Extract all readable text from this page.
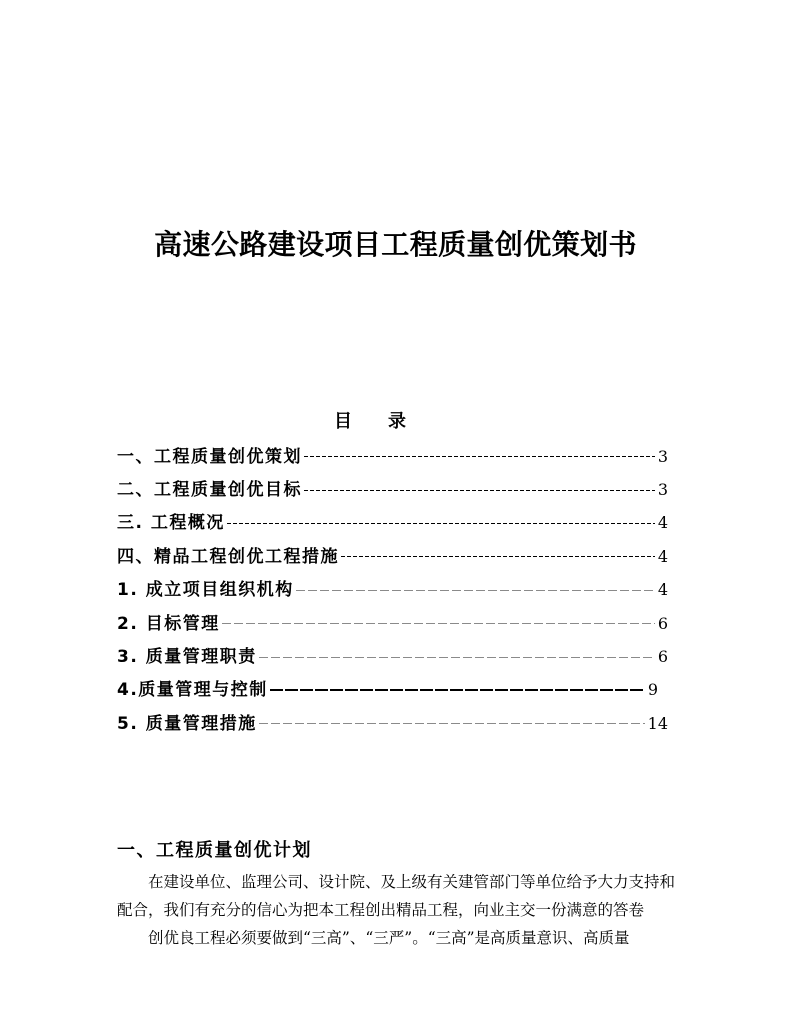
高速公路建设项目工程质量创优策划书
目　　录
一、工程质量创优策划	3
二、工程质量创优目标	3
三. 工程概况	4
四、精品工程创优工程措施	4
1. 成立项目组织机构	4
2. 目标管理	6
3. 质量管理职责	6
4.质量管理与控制	9
5. 质量管理措施	14
一、工程质量创优计划
在建设单位、监理公司、设计院、及上级有关建管部门等单位给予大力支持和
配合，我们有充分的信心为把本工程创出精品工程，向业主交一份满意的答卷
创优良工程必须要做到“三高”、“三严”。“三高”是高质量意识、高质量
